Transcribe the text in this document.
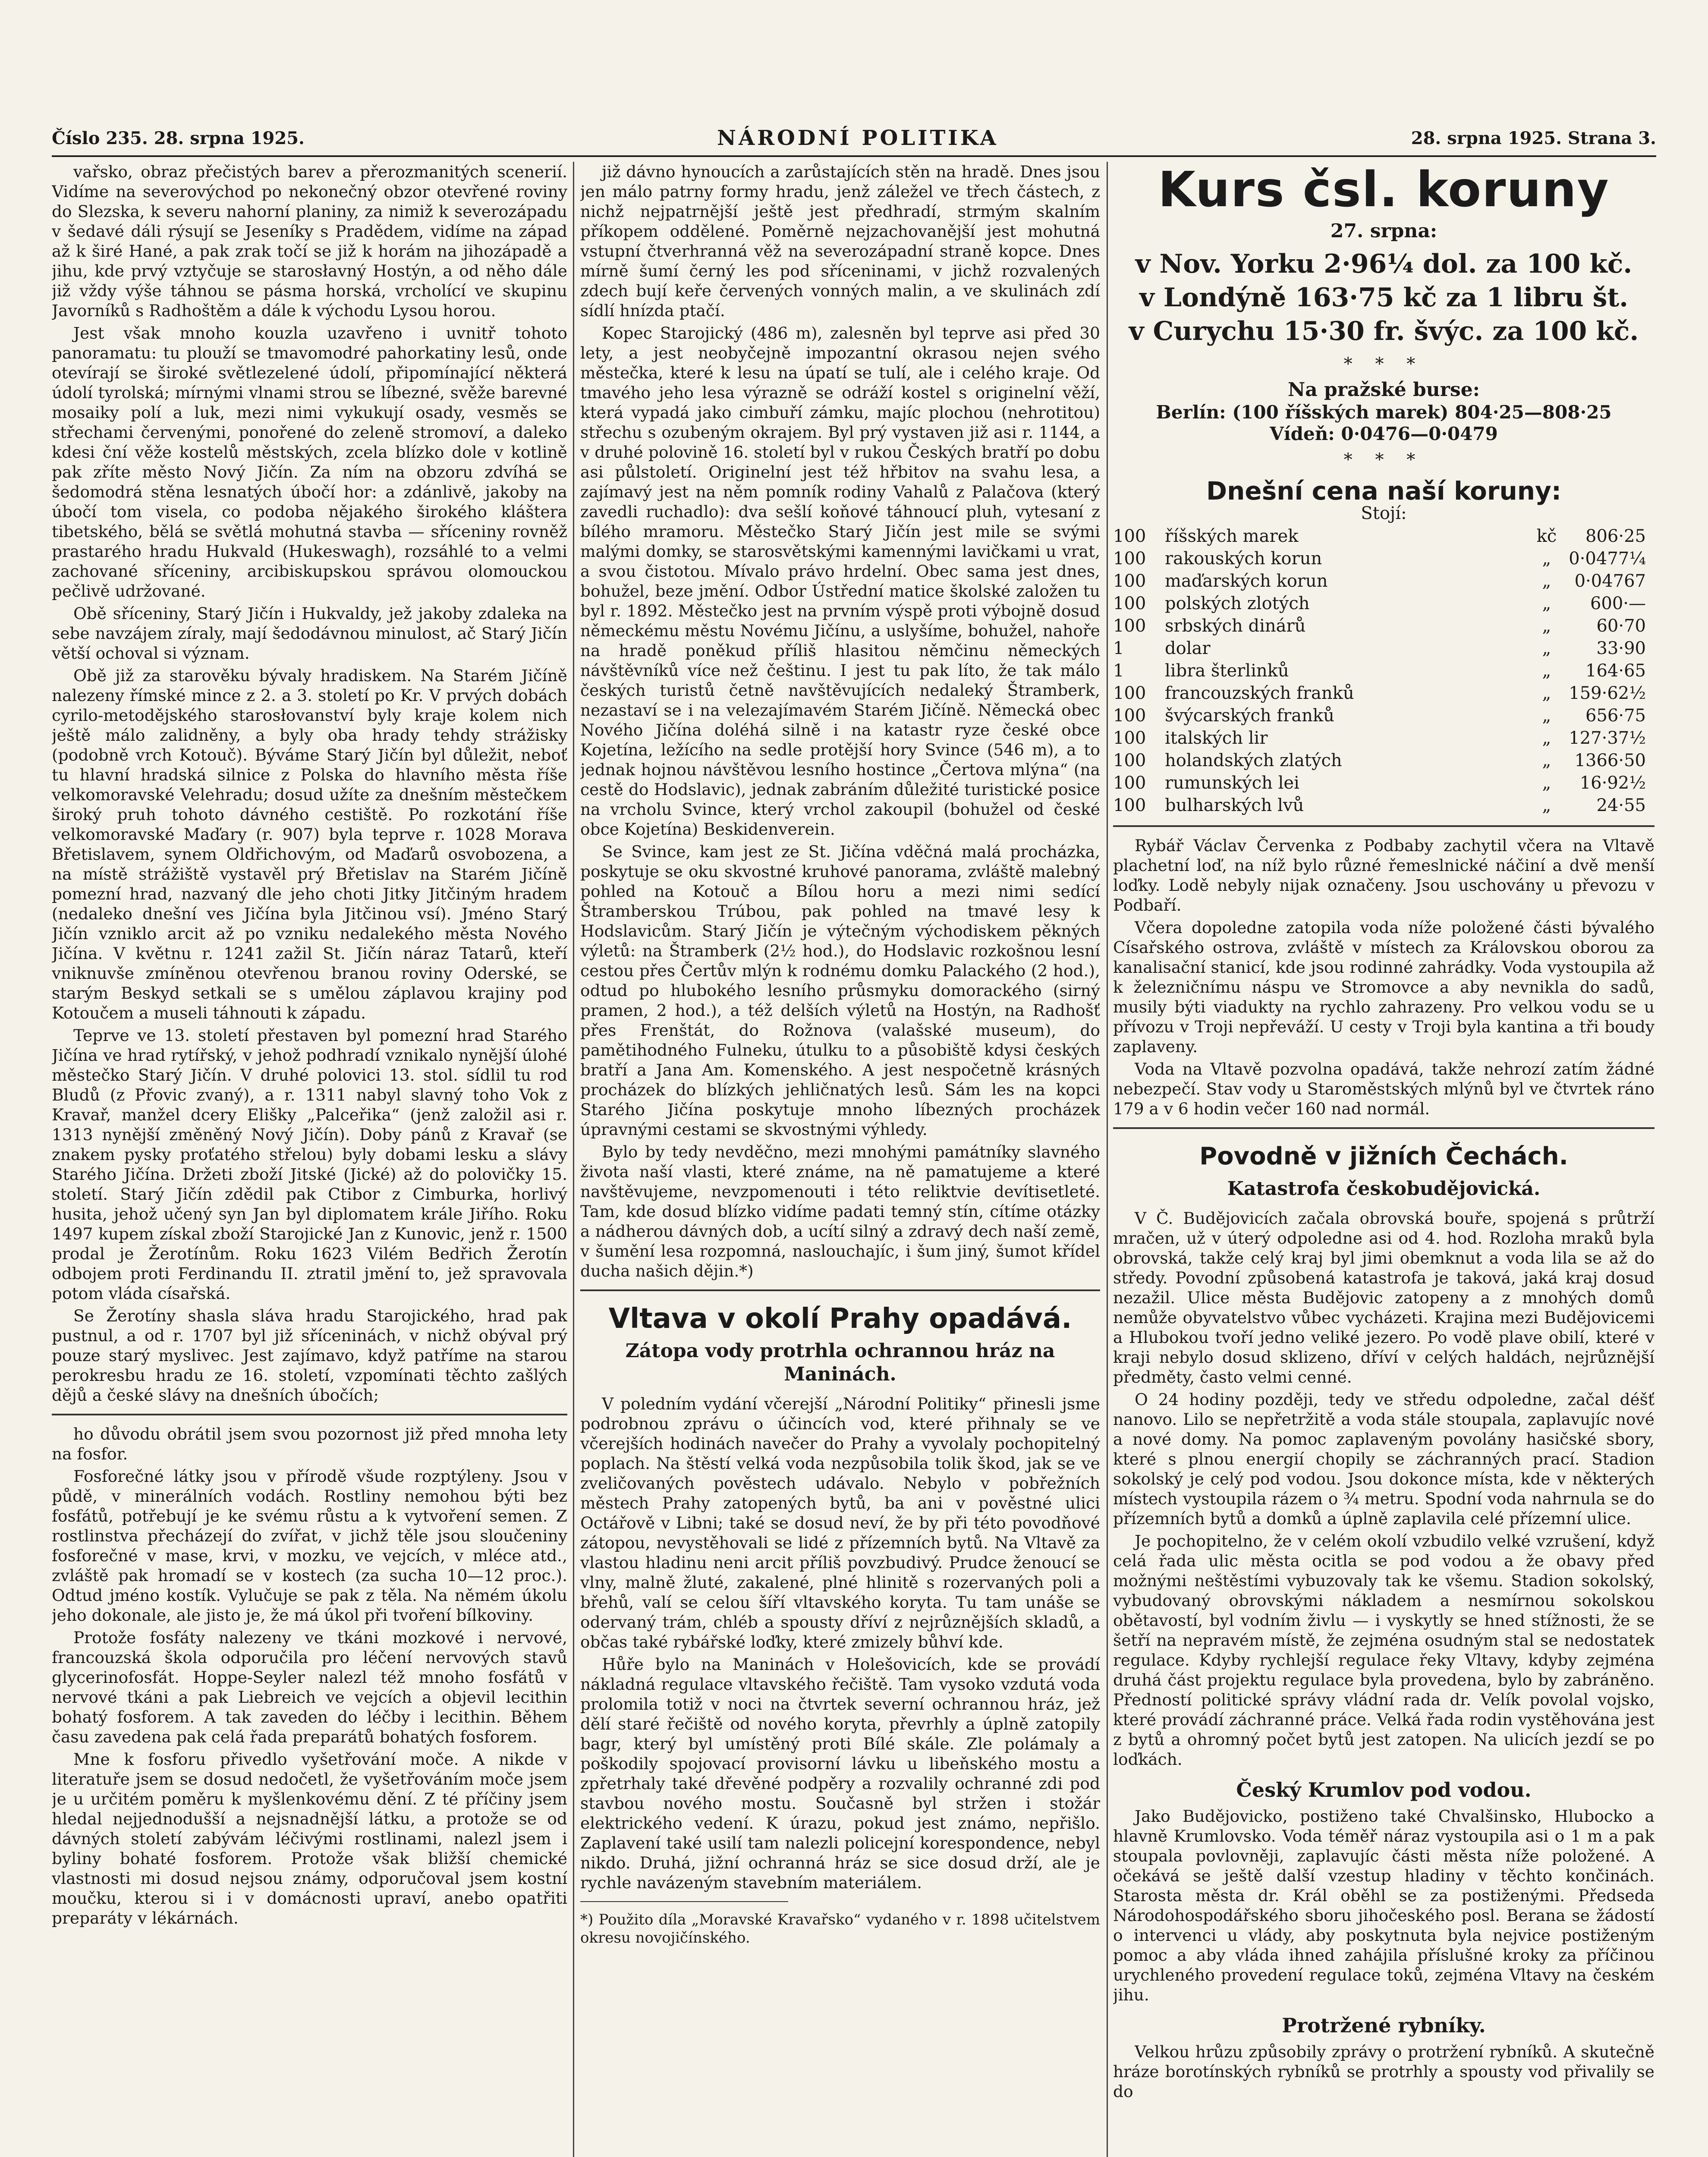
Číslo 235. 28. srpna 1925.	NÁRODNÍ POLITIKA	28. srpna 1925. Strana 3.

vařsko, obraz přečistých barev a přerozmanitých scenerií. Vidíme na severovýchod po nekonečný obzor otevřené roviny do Slezska, k severu nahorní planiny, za nimiž k severozápadu v šedavé dáli rýsují se Jeseníky s Pradědem, vidíme na západ až k širé Hané, a pak zrak točí se již k horám na jihozápadě a jihu, kde prvý vztyčuje se starosłavný Hostýn, a od něho dále již vždy výše táhnou se pásma horská, vrcholící ve skupinu Javorníků s Radhoštěm a dále k východu Lysou horou.

Jest však mnoho kouzla uzavřeno i uvnitř tohoto panoramatu: tu plouží se tmavomodré pahorkatiny lesů, onde otevírají se široké světlezelené údolí, připomínající některá údolí tyrolská; mírnými vlnami strou se líbezné, svěže barevné mosaiky polí a luk, mezi nimi vykukují osady, vesměs se střechami červenými, ponořené do zeleně stromoví, a daleko kdesi ční věže kostelů městských, zcela blízko dole v kotlině pak zříte město Nový Jičín. Za ním na obzoru zdvíhá se šedomodrá stěna lesnatých úbočí hor: a zdánlivě, jakoby na úbočí tom visela, co podoba nějakého širokého kláštera tibetského, bělá se světlá mohutná stavba — sříceniny rovněž prastarého hradu Hukvald (Hukeswagh), rozsáhlé to a velmi zachované sříceniny, arcibiskupskou správou olomouckou pečlivě udržované.

Obě sříceniny, Starý Jičín i Hukvaldy, jež jakoby zdaleka na sebe navzájem zíraly, mají šedodávnou minulost, ač Starý Jičín větší ochoval si význam.

Obě již za starověku bývaly hradiskem. Na Starém Jičíně nalezeny římské mince z 2. a 3. století po Kr. V prvých dobách cyrilo-metodějského starosłovanství byly kraje kolem nich ještě málo zalidněny, a byly oba hrady tehdy strážisky (podobně vrch Kotouč). Býváme Starý Jičín byl důležit, neboť tu hlavní hradská silnice z Polska do hlavního města říše velkomoravské Velehradu; dosud užíte za dnešním městečkem široký pruh tohoto dávného cestiště. Po rozkotání říše velkomoravské Maďary (r. 907) byla teprve r. 1028 Morava Břetislavem, synem Oldřichovým, od Maďarů osvobozena, a na místě strážiště vystavěl prý Břetislav na Starém Jičíně pomezní hrad, nazvaný dle jeho choti Jitky Jitčiným hradem (nedaleko dnešní ves Jičína byla Jitčinou vsí). Jméno Starý Jičín vzniklo arcit až po vzniku nedalekého města Nového Jičína. V květnu r. 1241 zažil St. Jičín náraz Tatarů, kteří vniknuvše zmíněnou otevřenou branou roviny Oderské, se starým Beskyd setkali se s umělou záplavou krajiny pod Kotoučem a museli táhnouti k západu.

Teprve ve 13. století přestaven byl pomezní hrad Starého Jičína ve hrad rytířský, v jehož podhradí vznikalo nynější úlohé městečko Starý Jičín. V druhé polovici 13. stol. sídlil tu rod Bludů (z Přovic zvaný), a r. 1311 nabyl slavný toho Vok z Kravař, manžel dcery Elišky „Palceřika“ (jenž založil asi r. 1313 nynější změněný Nový Jičín). Doby pánů z Kravař (se znakem pysky proťatého střelou) byly dobami lesku a slávy Starého Jičína. Držeti zboží Jitské (Jické) až do polovičky 15. století. Starý Jičín zdědil pak Ctibor z Cimburka, horlivý husita, jehož učený syn Jan byl diplomatem krále Jiřího. Roku 1497 kupem získal zboží Starojické Jan z Kunovic, jenž r. 1500 prodal je Žerotínům. Roku 1623 Vilém Bedřich Žerotín odbojem proti Ferdinandu II. ztratil jmění to, jež spravovala potom vláda císařská.

Se Žerotíny shasla sláva hradu Starojického, hrad pak pustnul, a od r. 1707 byl již sříceninách, v nichž obýval prý pouze starý myslivec. Jest zajímavo, když patříme na starou perokresbu hradu ze 16. století, vzpomínati těchto zašlých dějů a české slávy na dnešních úbočích;

ho důvodu obrátil jsem svou pozornost již před mnoha lety na fosfor.

Fosforečné látky jsou v přírodě všude rozptýleny. Jsou v půdě, v minerálních vodách. Rostliny nemohou býti bez fosfátů, potřebují je ke svému růstu a k vytvoření semen. Z rostlinstva přecházejí do zvířat, v jichž těle jsou sloučeniny fosforečné v mase, krvi, v mozku, ve vejcích, v mléce atd., zvláště pak hromadí se v kostech (za sucha 10—12 proc.). Odtud jméno kostík. Vylučuje se pak z těla. Na němém úkolu jeho dokonale, ale jisto je, že má úkol při tvoření bílkoviny.

Protože fosfáty nalezeny ve tkáni mozkové i nervové, francouzská škola odporučila pro léčení nervových stavů glycerinofosfát. Hoppe-Seyler nalezl též mnoho fosfátů v nervové tkáni a pak Liebreich ve vejcích a objevil lecithin bohatý fosforem. A tak zaveden do léčby i lecithin. Během času zavedena pak celá řada preparátů bohatých fosforem.

Mne k fosforu přivedlo vyšetřování moče. A nikde v literatuře jsem se dosud nedočetl, že vyšetřováním moče jsem je u určitém poměru k myšlenkovému dění. Z té příčiny jsem hledal nejjednodušší a nejsnadnější látku, a protože se od dávných století zabývám léčivými rostlinami, nalezl jsem i byliny bohaté fosforem. Protože však bližší chemické vlastnosti mi dosud nejsou známy, odporučoval jsem kostní moučku, kterou si i v domácnosti upraví, anebo opatřiti preparáty v lékárnách.

již dávno hynoucích a zarůstajících stěn na hradě. Dnes jsou jen málo patrny formy hradu, jenž záležel ve třech částech, z nichž nejpatrnější ještě jest předhradí, strmým skalním příkopem oddělené. Poměrně nejzachovanější jest mohutná vstupní čtverhranná věž na severozápadní straně kopce. Dnes mírně šumí černý les pod sříceninami, v jichž rozvalených zdech bují keře červených vonných malin, a ve skulinách zdí sídlí hnízda ptačí.

Kopec Starojický (486 m), zalesněn byl teprve asi před 30 lety, a jest neobyčejně impozantní okrasou nejen svého městečka, které k lesu na úpatí se tulí, ale i celého kraje. Od tmavého jeho lesa výrazně se odráží kostel s originelní věží, která vypadá jako cimbuří zámku, majíc plochou (nehrotitou) střechu s ozubeným okrajem. Byl prý vystaven již asi r. 1144, a v druhé polovině 16. století byl v rukou Českých bratří po dobu asi půlstoletí. Originelní jest též hřbitov na svahu lesa, a zajímavý jest na něm pomník rodiny Vahalů z Palačova (který zavedli ruchadlo): dva sešlí koňové táhnoucí pluh, vytesaní z bílého mramoru. Městečko Starý Jičín jest mile se svými malými domky, se starosvětskými kamennými lavičkami u vrat, a svou čistotou. Mívalo právo hrdelní. Obec sama jest dnes, bohužel, beze jmění. Odbor Ústřední matice školské založen tu byl r. 1892. Městečko jest na prvním výspě proti výbojně dosud německému městu Novému Jičínu, a uslyšíme, bohužel, nahoře na hradě poněkud příliš hlasitou němčinu německých návštěvníků více než češtinu. I jest tu pak líto, že tak málo českých turistů četně navštěvujících nedaleký Štramberk, nezastaví se i na velezajímavém Starém Jičíně. Německá obec Nového Jičína doléhá silně i na katastr ryze české obce Kojetína, ležícího na sedle protější hory Svince (546 m), a to jednak hojnou návštěvou lesního hostince „Čertova mlýna“ (na cestě do Hodslavic), jednak zabráním důležité turistické posice na vrcholu Svince, který vrchol zakoupil (bohužel od české obce Kojetína) Beskidenverein.

Se Svince, kam jest ze St. Jičína vděčná malá procházka, poskytuje se oku skvostné kruhové panorama, zvláště malebný pohled na Kotouč a Bílou horu a mezi nimi sedící Štramberskou Trúbou, pak pohled na tmavé lesy k Hodslavicům. Starý Jičín je výtečným východiskem pěkných výletů: na Štramberk (2½ hod.), do Hodslavic rozkošnou lesní cestou přes Čertův mlýn k rodnému domku Palackého (2 hod.), odtud po hlubokého lesního průsmyku domorackého (sirný pramen, 2 hod.), a též delších výletů na Hostýn, na Radhošť přes Frenštát, do Rožnova (valašské museum), do pamětihodného Fulneku, útulku to a působiště kdysi českých bratří a Jana Am. Komenského. A jest nespočetně krásných procházek do blízkých jehličnatých lesů. Sám les na kopci Starého Jičína poskytuje mnoho líbezných procházek úpravnými cestami se skvostnými výhledy.

Bylo by tedy nevděčno, mezi mnohými památníky slavného života naší vlasti, které známe, na ně pamatujeme a které navštěvujeme, nevzpomenouti i této reliktvie devítisetleté. Tam, kde dosud blízko vidíme padati temný stín, cítíme otázky a nádherou dávných dob, a ucítí silný a zdravý dech naší země, v šumění lesa rozpomná, naslouchajíc, i šum jiný, šumot křídel ducha našich dějin.*)

Vltava v okolí Prahy opadává.
Zátopa vody protrhla ochrannou hráz na Maninách.

V poledním vydání včerejší „Národní Politiky“ přinesli jsme podrobnou zprávu o účincích vod, které přihnaly se ve včerejších hodinách navečer do Prahy a vyvolaly pochopitelný poplach. Na štěstí velká voda nezpůsobila tolik škod, jak se ve zveličovaných pověstech udávalo. Nebylo v pobřežních městech Prahy zatopených bytů, ba ani v pověstné ulici Octářově v Libni; také se dosud neví, že by při této povodňové zátopou, nevystěhovali se lidé z přízemních bytů. Na Vltavě za vlastou hladinu neni arcit příliš povzbudivý. Prudce ženoucí se vlny, malně žluté, zakalené, plné hlinitě s rozervaných poli a břehů, valí se celou šíří vltavského koryta. Tu tam unáše se odervaný trám, chléb a spousty dříví z nejrůznějších skladů, a občas také rybářské loďky, které zmizely bůhví kde.

Hůře bylo na Maninách v Holešovicích, kde se provádí nákladná regulace vltavského řečiště. Tam vysoko vzdutá voda prolomila totiž v noci na čtvrtek severní ochrannou hráz, jež dělí staré řečiště od nového koryta, převrhly a úplně zatopily bagr, který byl umístěný proti Bílé skále. Zle polámaly a poškodily spojovací provisorní lávku u libeňského mostu a zpřetrhaly také dřevěné podpěry a rozvalily ochranné zdi pod stavbou nového mostu. Současně byl stržen i stožár elektrického vedení. K úrazu, pokud jest známo, nepřišlo. Zaplavení také usilí tam nalezli policejní korespondence, nebyl nikdo. Druhá, jižní ochranná hráz se sice dosud drží, ale je rychle navázeným stavebním materiálem.

*) Použito díla „Moravské Kravařsko“ vydaného v r. 1898 učitelstvem okresu novojičínského.
Kurs čsl. koruny
27. srpna:
v Nov. Yorku 2·96¼ dol. za 100 kč.
v Londýně 163·75 kč za 1 libru št.
v Curychu 15·30 fr. švýc. za 100 kč.
* * *
Na pražské burse:
Berlín: (100 říšských marek) 804·25—808·25
Vídeň: 0·0476—0·0479
* * *
Dnešní cena naší koruny:
Stojí:
100	říšských marek	kč	806·25
100	rakouských korun	„	0·0477¼
100	maďarských korun	„	0·04767
100	polských zlotých	„	600·—
100	srbských dinárů	„	60·70
1	dolar	„	33·90
1	libra šterlinků	„	164·65
100	francouzských franků	„	159·62½
100	švýcarských franků	„	656·75
100	italských lir	„	127·37½
100	holandských zlatých	„	1366·50
100	rumunských lei	„	16·92½
100	bulharských lvů	„	24·55

Rybář Václav Červenka z Podbaby zachytil včera na Vltavě plachetní loď, na níž bylo různé řemeslnické náčiní a dvě menší loďky. Lodě nebyly nijak označeny. Jsou uschovány u převozu v Podbaří.

Včera dopoledne zatopila voda níže položené části bývalého Císařského ostrova, zvláště v místech za Královskou oborou za kanalisační stanicí, kde jsou rodinné zahrádky. Voda vystoupila až k železničnímu náspu ve Stromovce a aby nevnikla do sadů, musily býti viadukty na rychlo zahrazeny. Pro velkou vodu se u přívozu v Troji nepřeváží. U cesty v Troji byla kantina a tři boudy zaplaveny.

Voda na Vltavě pozvolna opadává, takže nehrozí zatím žádné nebezpečí. Stav vody u Staroměstských mlýnů byl ve čtvrtek ráno 179 a v 6 hodin večer 160 nad normál.

Povodně v jižních Čechách.
Katastrofa českobudějovická.

V Č. Budějovicích začala obrovská bouře, spojená s průtrží mračen, už v úterý odpoledne asi od 4. hod. Rozloha mraků byla obrovská, takže celý kraj byl jimi obemknut a voda lila se až do středy. Povodní způsobená katastrofa je taková, jaká kraj dosud nezažil. Ulice města Budějovic zatopeny a z mnohých domů nemůže obyvatelstvo vůbec vycházeti. Krajina mezi Budějovicemi a Hlubokou tvoří jedno veliké jezero. Po vodě plave obilí, které v kraji nebylo dosud sklizeno, dříví v celých haldách, nejrůznější předměty, často velmi cenné.

O 24 hodiny později, tedy ve středu odpoledne, začal déšť nanovo. Lilo se nepřetržitě a voda stále stoupala, zaplavujíc nové a nové domy. Na pomoc zaplaveným povolány hasičské sbory, které s plnou energií chopily se záchranných prací. Stadion sokolský je celý pod vodou. Jsou dokonce místa, kde v některých místech vystoupila rázem o ¾ metru. Spodní voda nahrnula se do přízemních bytů a domků a úplně zaplavila celé přízemní ulice.

Je pochopitelno, že v celém okolí vzbudilo velké vzrušení, když celá řada ulic města ocitla se pod vodou a že obavy před možnými neštěstími vybuzovaly tak ke všemu. Stadion sokolský, vybudovaný obrovskými nákladem a nesmírnou sokolskou obětavostí, byl vodním živlu — i vyskytly se hned stížnosti, že se šetří na nepravém místě, že zejména osudným stal se nedostatek regulace. Kdyby rychlejší regulace řeky Vltavy, kdyby zejména druhá část projektu regulace byla provedena, bylo by zabráněno. Předností politické správy vládní rada dr. Velík povolal vojsko, které provádí záchranné práce. Velká řada rodin vystěhována jest z bytů a ohromný počet bytů jest zatopen. Na ulicích jezdí se po loďkách.

Český Krumlov pod vodou.

Jako Budějovicko, postiženo také Chvalšinsko, Hlubocko a hlavně Krumlovsko. Voda téměř náraz vystoupila asi o 1 m a pak stoupala povlovněji, zaplavujíc části města níže položené. A očekává se ještě další vzestup hladiny v těchto končinách. Starosta města dr. Král oběhl se za postiženými. Předseda Národohospodářského sboru jihočeského posl. Berana se žádostí o intervenci u vlády, aby poskytnuta byla nejvice postiženým pomoc a aby vláda ihned zahájila příslušné kroky za příčinou urychleného provedení regulace toků, zejména Vltavy na českém jihu.

Protržené rybníky.

Velkou hrůzu způsobily zprávy o protržení rybníků. A skutečně hráze borotínských rybníků se protrhly a spousty vod přivalily se do
